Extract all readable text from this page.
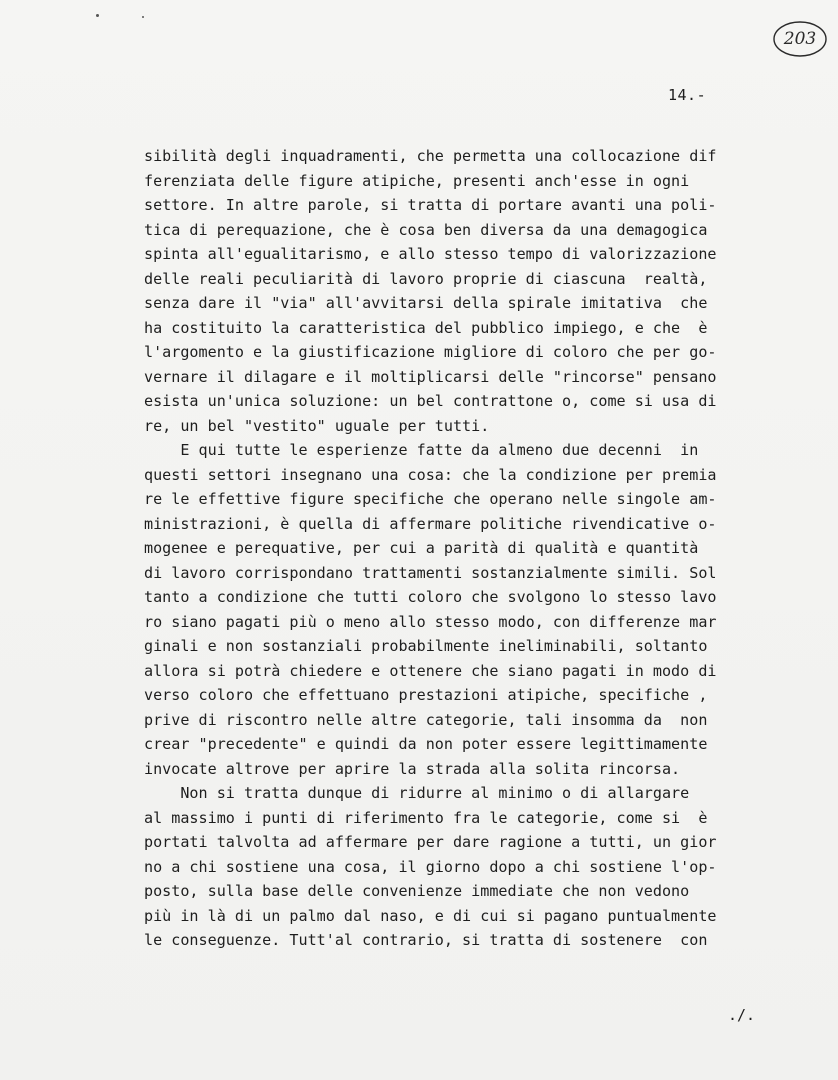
203
14.-
sibilità degli inquadramenti, che permetta una collocazione dif
ferenziata delle figure atipiche, presenti anch'esse in ogni
settore. In altre parole, si tratta di portare avanti una poli-
tica di perequazione, che è cosa ben diversa da una demagogica
spinta all'egualitarismo, e allo stesso tempo di valorizzazione
delle reali peculiarità di lavoro proprie di ciascuna  realtà,
senza dare il "via" all'avvitarsi della spirale imitativa  che
ha costituito la caratteristica del pubblico impiego, e che  è
l'argomento e la giustificazione migliore di coloro che per go-
vernare il dilagare e il moltiplicarsi delle "rincorse" pensano
esista un'unica soluzione: un bel contrattone o, come si usa di
re, un bel "vestito" uguale per tutti.
E qui tutte le esperienze fatte da almeno due decenni  in
questi settori insegnano una cosa: che la condizione per premia
re le effettive figure specifiche che operano nelle singole am-
ministrazioni, è quella di affermare politiche rivendicative o-
mogenee e perequative, per cui a parità di qualità e quantità
di lavoro corrispondano trattamenti sostanzialmente simili. Sol
tanto a condizione che tutti coloro che svolgono lo stesso lavo
ro siano pagati più o meno allo stesso modo, con differenze mar
ginali e non sostanziali probabilmente ineliminabili, soltanto
allora si potrà chiedere e ottenere che siano pagati in modo di
verso coloro che effettuano prestazioni atipiche, specifiche ,
prive di riscontro nelle altre categorie, tali insomma da  non
crear "precedente" e quindi da non poter essere legittimamente
invocate altrove per aprire la strada alla solita rincorsa.
Non si tratta dunque di ridurre al minimo o di allargare
al massimo i punti di riferimento fra le categorie, come si  è
portati talvolta ad affermare per dare ragione a tutti, un gior
no a chi sostiene una cosa, il giorno dopo a chi sostiene l'op-
posto, sulla base delle convenienze immediate che non vedono
più in là di un palmo dal naso, e di cui si pagano puntualmente
le conseguenze. Tutt'al contrario, si tratta di sostenere  con
./.
